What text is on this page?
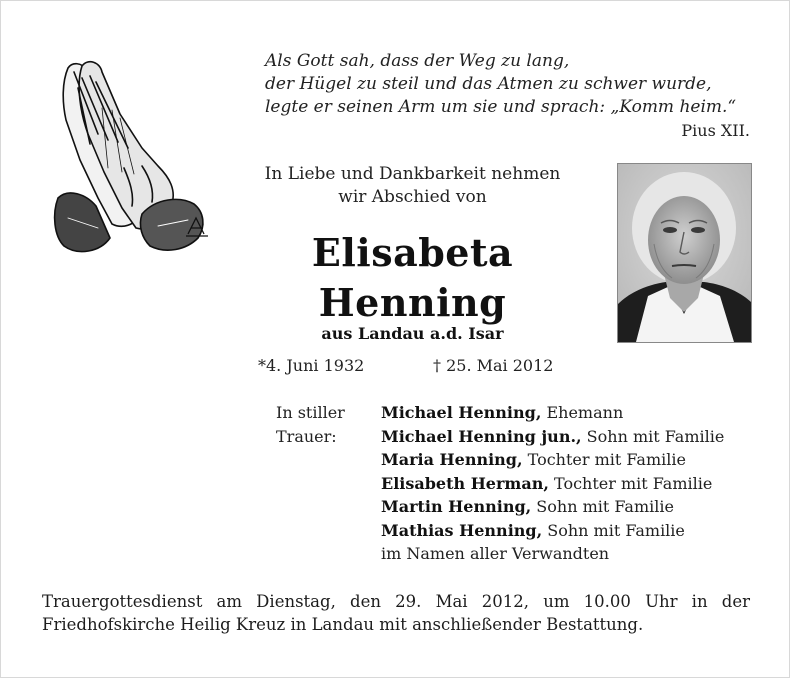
Als Gott sah, dass der Weg zu lang,
der Hügel zu steil und das Atmen zu schwer wurde,
legte er seinen Arm um sie und sprach: „Komm heim.“
Pius XII.
In Liebe und Dankbarkeit nehmen
wir Abschied von
Elisabeta
Henning
aus Landau a.d. Isar
*4. Juni 1932	† 25. Mai 2012
In stiller
Trauer:
Michael Henning, Ehemann
Michael Henning jun., Sohn mit Familie
Maria Henning, Tochter mit Familie
Elisabeth Herman, Tochter mit Familie
Martin Henning, Sohn mit Familie
Mathias Henning, Sohn mit Familie
im Namen aller Verwandten
Trauergottesdienst am Dienstag, den 29. Mai 2012, um 10.00 Uhr in der
Friedhofskirche Heilig Kreuz in Landau mit anschließender Bestattung.
